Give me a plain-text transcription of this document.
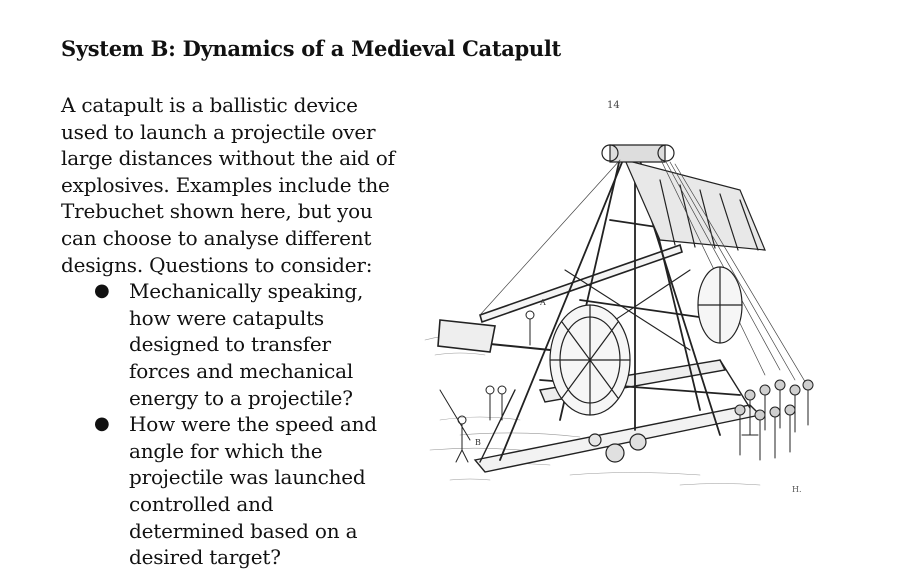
System B: Dynamics of a Medieval Catapult

A catapult is a ballistic device used to launch a projectile over large distances without the aid of explosives. Examples include the Trebuchet shown here, but you can choose to analyse different designs. Questions to consider:

● Mechanically speaking, how were catapults designed to transfer forces and mechanical energy to a projectile?
● How were the speed and angle for which the projectile was launched controlled and determined based on a desired target?
14
A
B
H.
